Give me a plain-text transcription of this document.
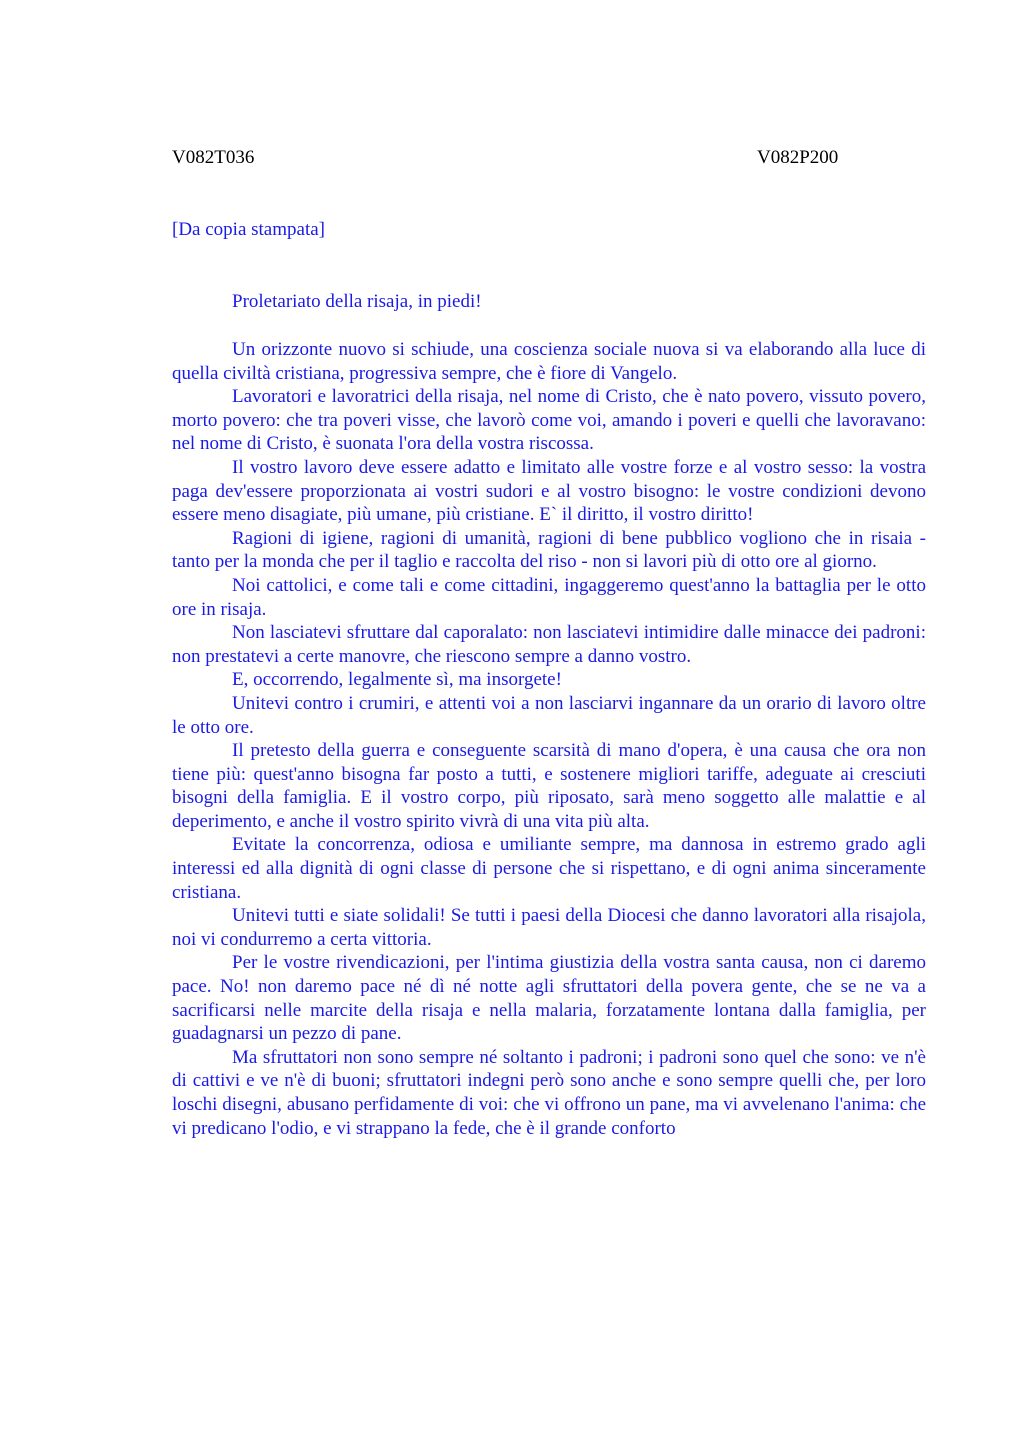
V082T036	V082P200
[Da copia stampata]
Proletariato della risaja, in piedi!

Un orizzonte nuovo si schiude, una coscienza sociale nuova si va elaborando alla luce di quella civiltà cristiana, progressiva sempre, che è fiore di Vangelo.

Lavoratori e lavoratrici della risaja, nel nome di Cristo, che è nato povero, vissuto povero, morto povero: che tra poveri visse, che lavorò come voi, amando i poveri e quelli che lavoravano: nel nome di Cristo, è suonata l'ora della vostra riscossa.

Il vostro lavoro deve essere adatto e limitato alle vostre forze e al vostro sesso: la vostra paga dev'essere proporzionata ai vostri sudori e al vostro bisogno: le vostre condizioni devono essere meno disagiate, più umane, più cristiane. E` il diritto, il vostro diritto!

Ragioni di igiene, ragioni di umanità, ragioni di bene pubblico vogliono che in risaia - tanto per la monda che per il taglio e raccolta del riso - non si lavori più di otto ore al giorno.

Noi cattolici, e come tali e come cittadini, ingaggeremo quest'anno la battaglia per le otto ore in risaja.

Non lasciatevi sfruttare dal caporalato: non lasciatevi intimidire dalle minacce dei padroni: non prestatevi a certe manovre, che riescono sempre a danno vostro.

E, occorrendo, legalmente sì, ma insorgete!

Unitevi contro i crumiri, e attenti voi a non lasciarvi ingannare da un orario di lavoro oltre le otto ore.

Il pretesto della guerra e conseguente scarsità di mano d'opera, è una causa che ora non tiene più: quest'anno bisogna far posto a tutti, e sostenere migliori tariffe, adeguate ai cresciuti bisogni della famiglia. E il vostro corpo, più riposato, sarà meno soggetto alle malattie e al deperimento, e anche il vostro spirito vivrà di una vita più alta.

Evitate la concorrenza, odiosa e umiliante sempre, ma dannosa in estremo grado agli interessi ed alla dignità di ogni classe di persone che si rispettano, e di ogni anima sinceramente cristiana.

Unitevi tutti e siate solidali! Se tutti i paesi della Diocesi che danno lavoratori alla risajola, noi vi condurremo a certa vittoria.

Per le vostre rivendicazioni, per l'intima giustizia della vostra santa causa, non ci daremo pace. No! non daremo pace né dì né notte agli sfruttatori della povera gente, che se ne va a sacrificarsi nelle marcite della risaja e nella malaria, forzatamente lontana dalla famiglia, per guadagnarsi un pezzo di pane.

Ma sfruttatori non sono sempre né soltanto i padroni; i padroni sono quel che sono: ve n'è di cattivi e ve n'è di buoni; sfruttatori indegni però sono anche e sono sempre quelli che, per loro loschi disegni, abusano perfidamente di voi: che vi offrono un pane, ma vi avvelenano l'anima: che vi predicano l'odio, e vi strappano la fede, che è il grande conforto
